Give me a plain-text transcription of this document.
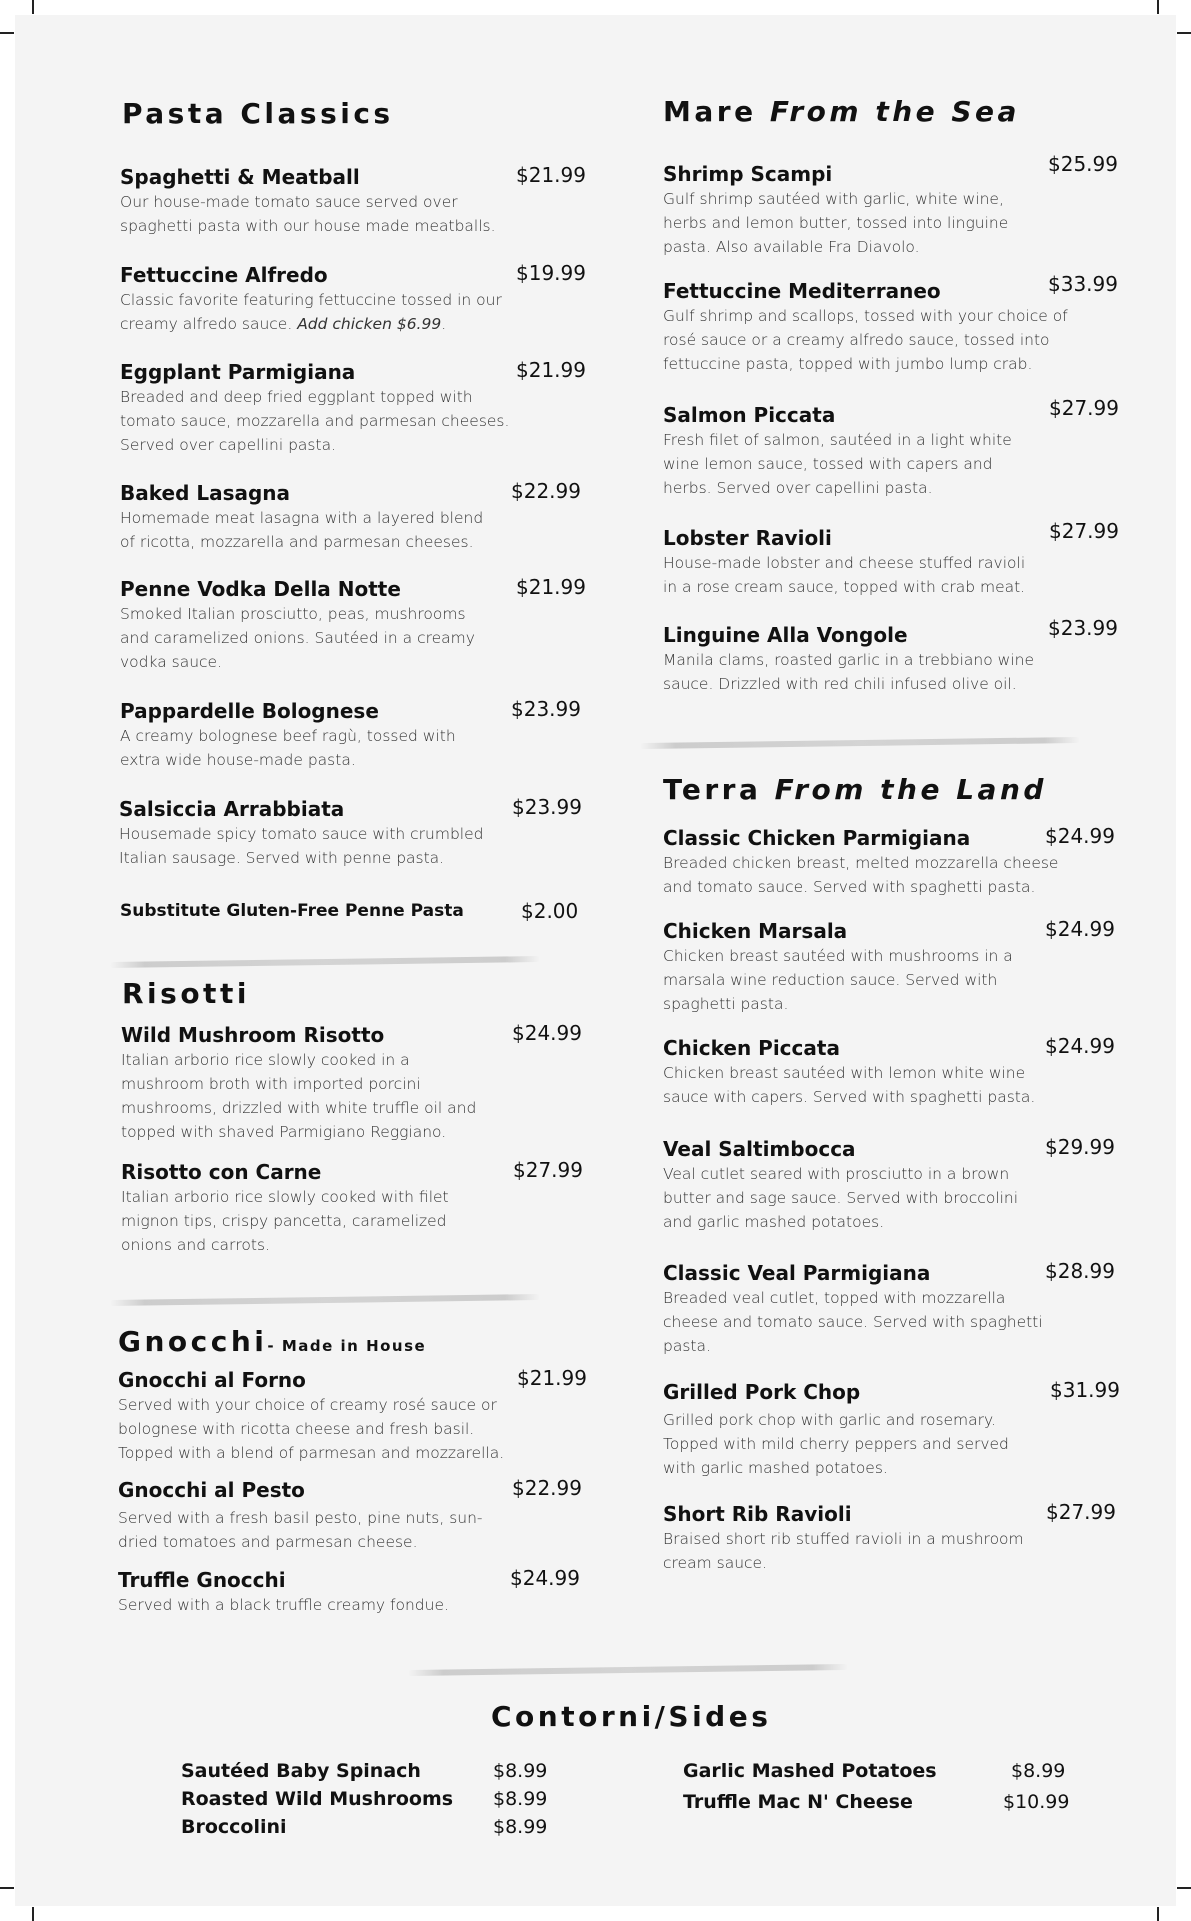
Pasta Classics
Spaghetti & Meatball	$21.99
Our house-made tomato sauce served over spaghetti pasta with our house made meatballs.
Fettuccine Alfredo	$19.99
Classic favorite featuring fettuccine tossed in our creamy alfredo sauce. Add chicken $6.99.
Eggplant Parmigiana	$21.99
Breaded and deep fried eggplant topped with tomato sauce, mozzarella and parmesan cheeses. Served over capellini pasta.
Baked Lasagna	$22.99
Homemade meat lasagna with a layered blend of ricotta, mozzarella and parmesan cheeses.
Penne Vodka Della Notte	$21.99
Smoked Italian prosciutto, peas, mushrooms and caramelized onions. Sautéed in a creamy vodka sauce.
Pappardelle Bolognese	$23.99
A creamy bolognese beef ragù, tossed with extra wide house-made pasta.
Salsiccia Arrabbiata	$23.99
Housemade spicy tomato sauce with crumbled Italian sausage. Served with penne pasta.
Substitute Gluten-Free Penne Pasta	$2.00
Risotti
Wild Mushroom Risotto	$24.99
Italian arborio rice slowly cooked in a mushroom broth with imported porcini mushrooms, drizzled with white truffle oil and topped with shaved Parmigiano Reggiano.
Risotto con Carne	$27.99
Italian arborio rice slowly cooked with filet mignon tips, crispy pancetta, caramelized onions and carrots.
Gnocchi- Made in House
Gnocchi al Forno	$21.99
Served with your choice of creamy rosé sauce or bolognese with ricotta cheese and fresh basil. Topped with a blend of parmesan and mozzarella.
Gnocchi al Pesto	$22.99
Served with a fresh basil pesto, pine nuts, sun-dried tomatoes and parmesan cheese.
Truffle Gnocchi	$24.99
Served with a black truffle creamy fondue.
Mare From the Sea
Shrimp Scampi	$25.99
Gulf shrimp sautéed with garlic, white wine, herbs and lemon butter, tossed into linguine pasta. Also available Fra Diavolo.
Fettuccine Mediterraneo	$33.99
Gulf shrimp and scallops, tossed with your choice of rosé sauce or a creamy alfredo sauce, tossed into fettuccine pasta, topped with jumbo lump crab.
Salmon Piccata	$27.99
Fresh filet of salmon, sautéed in a light white wine lemon sauce, tossed with capers and herbs. Served over capellini pasta.
Lobster Ravioli	$27.99
House-made lobster and cheese stuffed ravioli in a rose cream sauce, topped with crab meat.
Linguine Alla Vongole	$23.99
Manila clams, roasted garlic in a trebbiano wine sauce. Drizzled with red chili infused olive oil.
Terra From the Land
Classic Chicken Parmigiana	$24.99
Breaded chicken breast, melted mozzarella cheese and tomato sauce. Served with spaghetti pasta.
Chicken Marsala	$24.99
Chicken breast sautéed with mushrooms in a marsala wine reduction sauce. Served with spaghetti pasta.
Chicken Piccata	$24.99
Chicken breast sautéed with lemon white wine sauce with capers. Served with spaghetti pasta.
Veal Saltimbocca	$29.99
Veal cutlet seared with prosciutto in a brown butter and sage sauce. Served with broccolini and garlic mashed potatoes.
Classic Veal Parmigiana	$28.99
Breaded veal cutlet, topped with mozzarella cheese and tomato sauce. Served with spaghetti pasta.
Grilled Pork Chop	$31.99
Grilled pork chop with garlic and rosemary. Topped with mild cherry peppers and served with garlic mashed potatoes.
Short Rib Ravioli	$27.99
Braised short rib stuffed ravioli in a mushroom cream sauce.
Contorni/Sides
Sautéed Baby Spinach	$8.99
Roasted Wild Mushrooms $8.99
Broccolini	$8.99
Garlic Mashed Potatoes	$8.99
Truffle Mac N' Cheese	$10.99
